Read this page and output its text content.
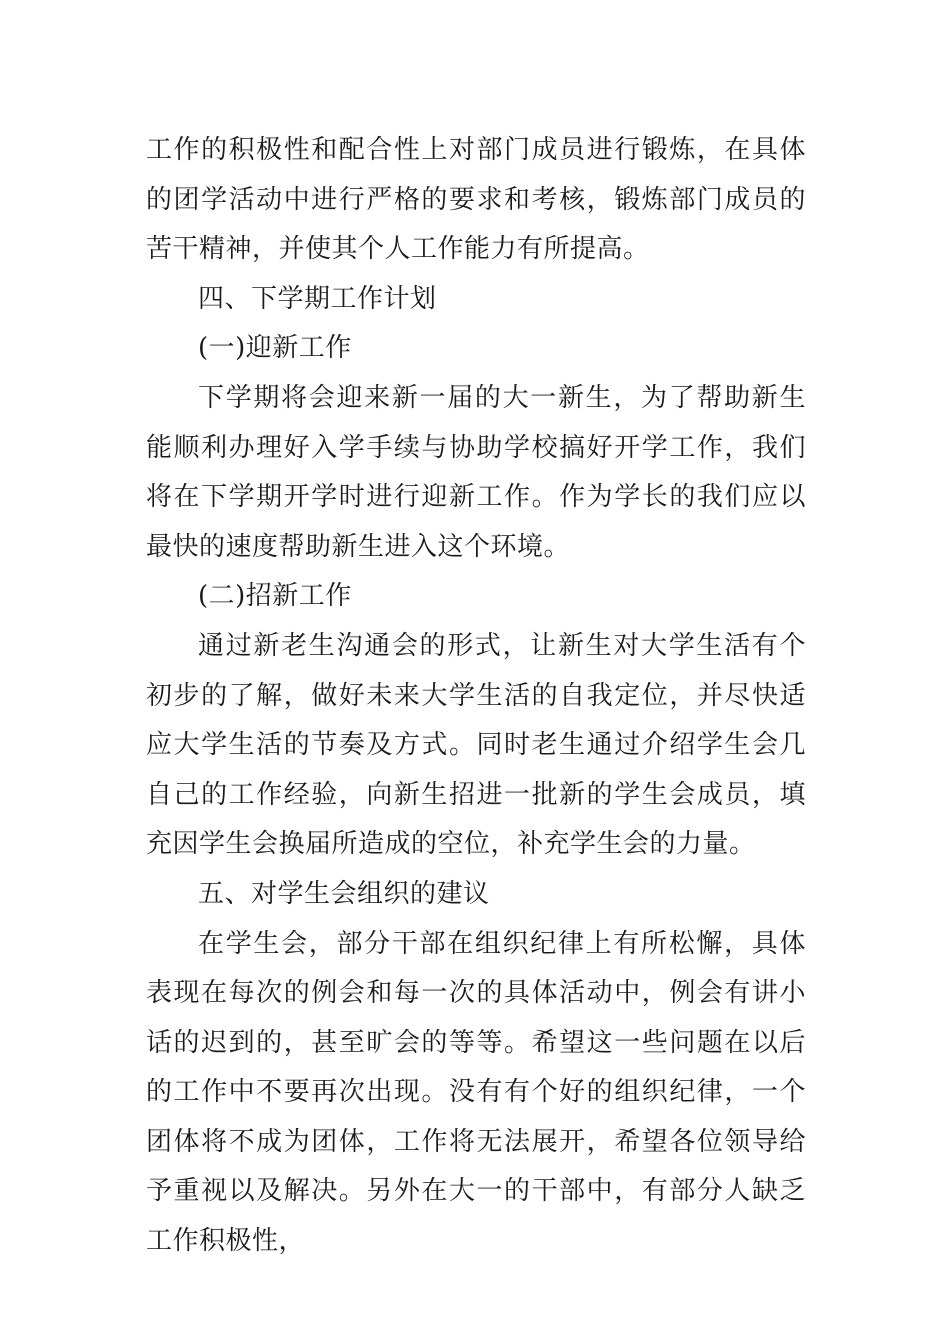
工作的积极性和配合性上对部门成员进行锻炼，在具体的团学活动中进行严格的要求和考核，锻炼部门成员的苦干精神，并使其个人工作能力有所提高。

四、下学期工作计划

(一)迎新工作

下学期将会迎来新一届的大一新生，为了帮助新生能顺利办理好入学手续与协助学校搞好开学工作，我们将在下学期开学时进行迎新工作。作为学长的我们应以最快的速度帮助新生进入这个环境。

(二)招新工作

通过新老生沟通会的形式，让新生对大学生活有个初步的了解，做好未来大学生活的自我定位，并尽快适应大学生活的节奏及方式。同时老生通过介绍学生会几自己的工作经验，向新生招进一批新的学生会成员，填充因学生会换届所造成的空位，补充学生会的力量。

五、对学生会组织的建议

在学生会，部分干部在组织纪律上有所松懈，具体表现在每次的例会和每一次的具体活动中，例会有讲小话的迟到的，甚至旷会的等等。希望这一些问题在以后的工作中不要再次出现。没有有个好的组织纪律，一个团体将不成为团体，工作将无法展开，希望各位领导给予重视以及解决。另外在大一的干部中，有部分人缺乏工作积极性，
